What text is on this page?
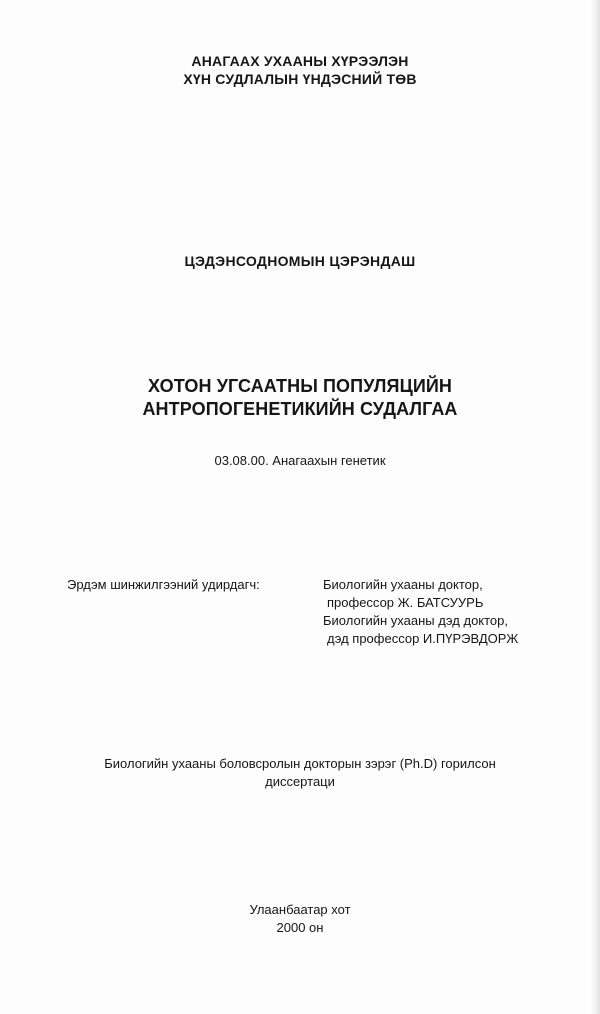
АНАГААХ УХААНЫ ХҮРЭЭЛЭН
ХҮН СУДЛАЛЫН ҮНДЭСНИЙ ТӨВ
ЦЭДЭНСОДНОМЫН ЦЭРЭНДАШ
ХОТОН УГСААТНЫ ПОПУЛЯЦИЙН
АНТРОПОГЕНЕТИКИЙН СУДАЛГАА
03.08.00. Анагаахын генетик
Эрдэм шинжилгээний удирдагч:	Биологийн ухааны доктор,
профессор Ж. БАТСУУРЬ
Биологийн ухааны дэд доктор,
дэд профессор И.ПҮРЭВДОРЖ
Биологийн ухааны боловсролын докторын зэрэг (Ph.D) горилсон
диссертаци
Улаанбаатар хот
2000 он
